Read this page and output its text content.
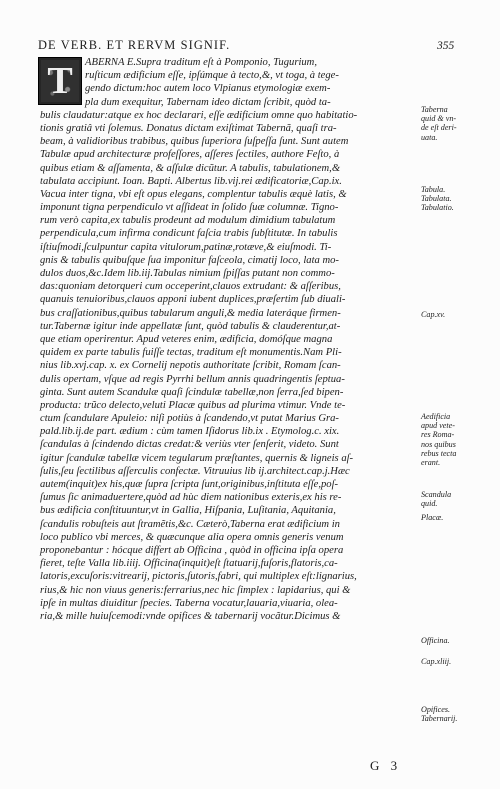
DE VERB. ET RERVM SIGNIF.	355
T	ABERNA E.Supra traditum eſt à Pomponio, Tugurium,
ruſticum ædificium eſſe, ipſúmque à tecto,&, vt toga, à tege-
gendo dictum:hoc autem loco Vlpianus etymologiæ exem-
pla dum exequitur, Tabernam ideo dictam ſcribit, quòd ta-
bulis claudatur:atque ex hoc declarari, eſſe ædificium omne quo habitatio-
tionis gratiâ vti ſolemus. Donatus dictam exiſtimat Tabernã, quaſi tra-
beam, à validioribus trabibus, quibus ſuperiora ſuſpeſſa ſunt. Sunt autem
Tabulæ apud architecturæ profeſſores, aſſeres ſectiles, authore Feſto, à
quibus etiam & aſſamenta, & aſſulæ dicũtur. A tabulis, tabulationem,&
tabulata accipiunt. Ioan. Bapti. Albertus lib.vij.rei ædificatoriæ,Cap.ix.
Vacua inter tigna, vbi eſt opus elegans, complentur tabulis æquè latis, &
imponunt tigna perpendiculo vt aſſideat in ſolido ſuæ columnæ. Tigno-
rum verò capita,ex tabulis prodeunt ad modulum dimidium tabulatum
perpendicula,cum infirma condicunt faſcia trabis ſubſtitutæ. In tabulis
iſtiuſmodi,ſculpuntur capita vitulorum,patinæ,rotæve,& eiuſmodi. Ti-
gnis & tabulis quibuſque ſua imponitur faſceola, cimatij loco, lata mo-
dulos duos,&c.Idem lib.iij.Tabulas nimium ſpiſſas putant non commo-
das:quoniam detorqueri cum occeperint,clauos extrudant: & aſſeribus,
quanuis tenuioribus,clauos apponi iubent duplices,præſertim ſub diuali-
bus craſſationibus,quibus tabularum anguli,& media lateráque firmen-
tur.Tabernæ igitur inde appellatæ ſunt, quòd tabulis & clauderentur,at-
que etiam operirentur. Apud veteres enim, ædificia, domóſque magna
quidem ex parte tabulis fuiſſe tectas, traditum eſt monumentis.Nam Pli-
nius lib.xvj.cap. x. ex Cornelij nepotis authoritate ſcribit, Romam ſcan-
dulis opertam, vſque ad regis Pyrrhi bellum annis quadringentis ſeptua-
ginta. Sunt autem Scandulæ quaſi ſcindulæ tabellæ,non ſerra,ſed bipen-
producta: trũco delecto,veluti Placæ quibus ad plurima vtimur. Vnde te-
ctum ſcandulare Apuleio: niſi potiùs à ſcandendo,vt putat Marius Gra-
pald.lib.ij.de part. ædium : cùm tamen Iſidorus lib.ix . Etymolog.c. xix.
ſcandulas à ſcindendo dictas credat:& veriùs vter ſenſerit, videto. Sunt
igitur ſcandulæ tabellæ vicem tegularum præſtantes, quernis & ligneis aſ-
ſulis,ſeu ſectilibus aſſerculis confectæ. Vitruuius lib ij.architect.cap.j.Hæc
autem(inquit)ex his,quæ ſupra ſcripta ſunt,originibus,inſtituta eſſe,poſ-
ſumus ſic animaduertere,quòd ad hùc diem nationibus exteris,ex his re-
bus ædificia conſtituuntur,vt in Gallia, Hiſpania, Luſitania, Aquitania,
ſcandulis robuſteis aut ſtramẽtis,&c. Cæterò,Taberna erat ædificium in
loco publico vbi merces, & quæcunque alia opera omnis generis venum
proponebantur : hócque differt ab Officina , quòd in officina ipſa opera
fieret, teſte Valla lib.iiij. Officina(inquit)eſt ſtatuarij,fuſoris,flatoris,ca-
latoris,excuſoris:vitrearij, pictoris,ſutoris,fabri, qui multiplex eſt:lignarius,
rius,& hic non viuus generis:ferrarius,nec hic ſimplex : lapidarius, qui &
ipſe in multas diuiditur ſpecies. Taberna vocatur,lauaria,viuaria, olea-
ria,& mille huiuſcemodi:vnde opifices & tabernarij vocãtur.Dicimus &
Taberna
quid & vn-
de eſt deri-
uata.
Tabula.
Tabulata.
Tabulatio.
Cap.xv.
Aedificia
apud vete-
res Roma-
nos quibus
rebus tecta
erant.
Scandula
quid.
Placæ.
Officina.
Cap.xliij.
Opifices.
Tabernarij.
G 3
